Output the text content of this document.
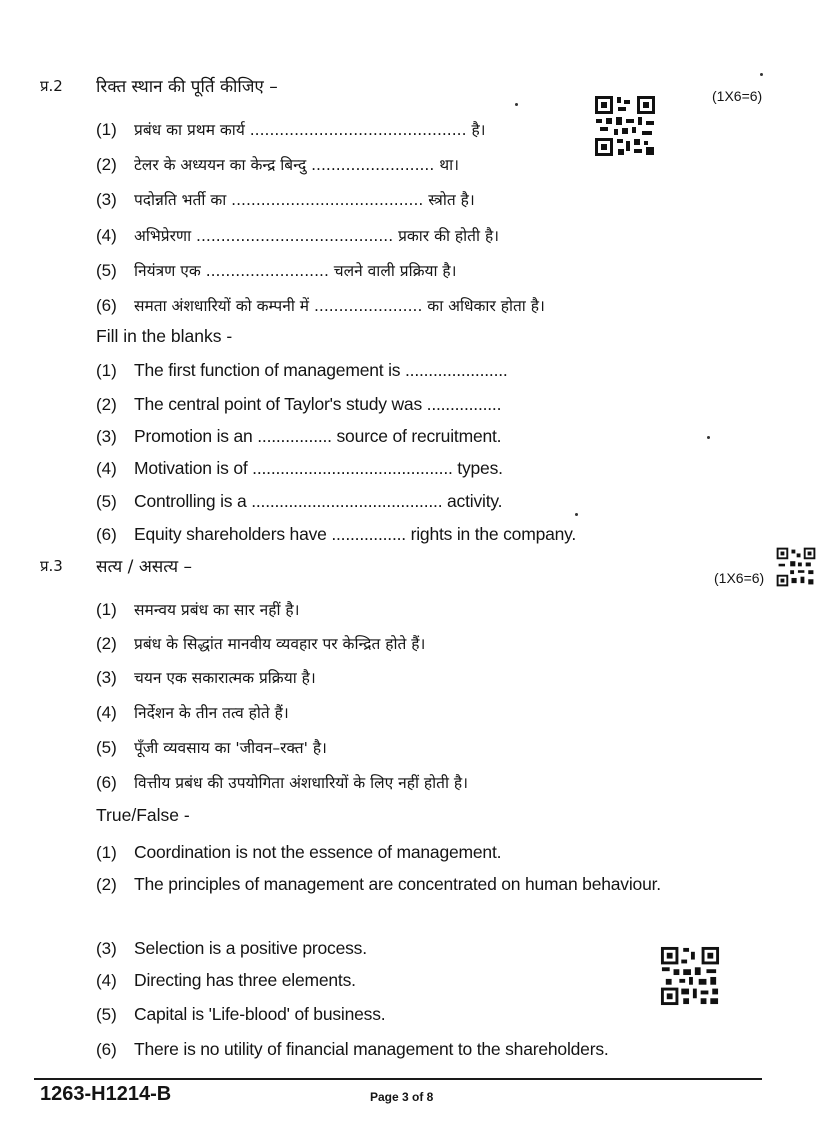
प्र.2 रिक्त स्थान की पूर्ति कीजिए –	(1X6=6)
(1)	प्रबंध का प्रथम कार्य ............................................ है।
(2)	टेलर के अध्ययन का केन्द्र बिन्दु ......................... था।
(3)	पदोन्नति भर्ती का ....................................... स्त्रोत है।
(4)	अभिप्रेरणा ........................................ प्रकार की होती है।
(5)	नियंत्रण एक ......................... चलने वाली प्रक्रिया है।
(6)	समता अंशधारियों को कम्पनी में ...................... का अधिकार होता है।
Fill in the blanks -
(1) The first function of management is ......................
(2) The central point of Taylor's study was ................
(3) Promotion is an ................ source of recruitment.
(4) Motivation is of ........................................... types.
(5) Controlling is a ......................................... activity.
(6) Equity shareholders have ................ rights in the company.
प्र.3 सत्य / असत्य –
(1X6=6)
(1)	समन्वय प्रबंध का सार नहीं है।
(2)	प्रबंध के सिद्धांत मानवीय व्यवहार पर केन्द्रित होते हैं।
(3)	चयन एक सकारात्मक प्रक्रिया है।
(4)	निर्देशन के तीन तत्व होते हैं।
(5)	पूँजी व्यवसाय का 'जीवन–रक्त' है।
(6)	वित्तीय प्रबंध की उपयोगिता अंशधारियों के लिए नहीं होती है।
True/False -
(1) Coordination is not the essence of management.
(2) The principles of management are concentrated on human behaviour.
(3) Selection is a positive process.
(4) Directing has three elements.
(5) Capital is 'Life-blood' of business.
(6) There is no utility of financial management to the shareholders.
1263-H1214-B	Page 3 of 8
